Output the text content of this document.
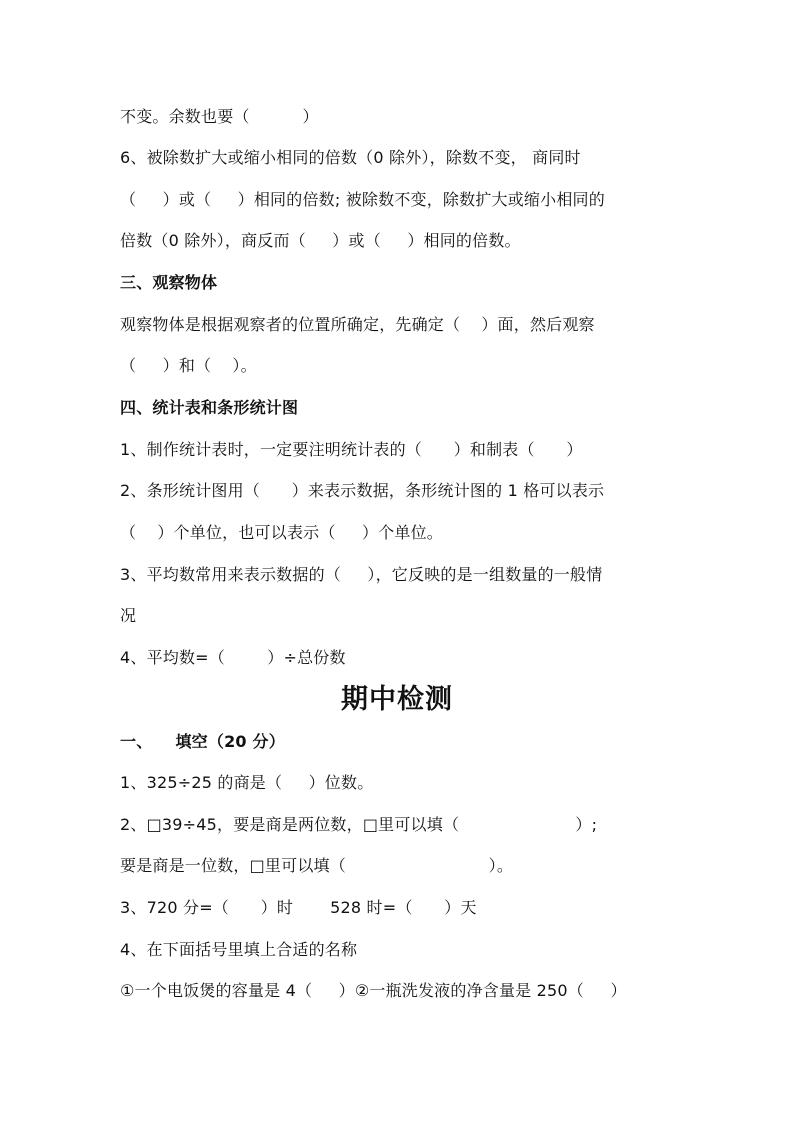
不变。余数也要（          ）
6、被除数扩大或缩小相同的倍数（0 除外），除数不变， 商同时
（     ）或（     ）相同的倍数; 被除数不变，除数扩大或缩小相同的
倍数（0 除外），商反而（     ）或（     ）相同的倍数。
三、观察物体
观察物体是根据观察者的位置所确定，先确定（    ）面，然后观察
（     ）和（    ）。
四、统计表和条形统计图
1、制作统计表时，一定要注明统计表的（      ）和制表（      ）
2、条形统计图用（      ）来表示数据，条形统计图的 1 格可以表示
（    ）个单位，也可以表示（     ）个单位。
3、平均数常用来表示数据的（     ），它反映的是一组数量的一般情
况
4、平均数=（        ）÷总份数
期中检测
一、    填空（20 分）
1、325÷25 的商是（     ）位数。
2、□39÷45，要是商是两位数，□里可以填（                      ）;
要是商是一位数，□里可以填（                           ）。
3、720 分=（      ）时       528 时=（      ）天
4、在下面括号里填上合适的名称
①一个电饭煲的容量是 4（     ）②一瓶洗发液的净含量是 250（     ）
